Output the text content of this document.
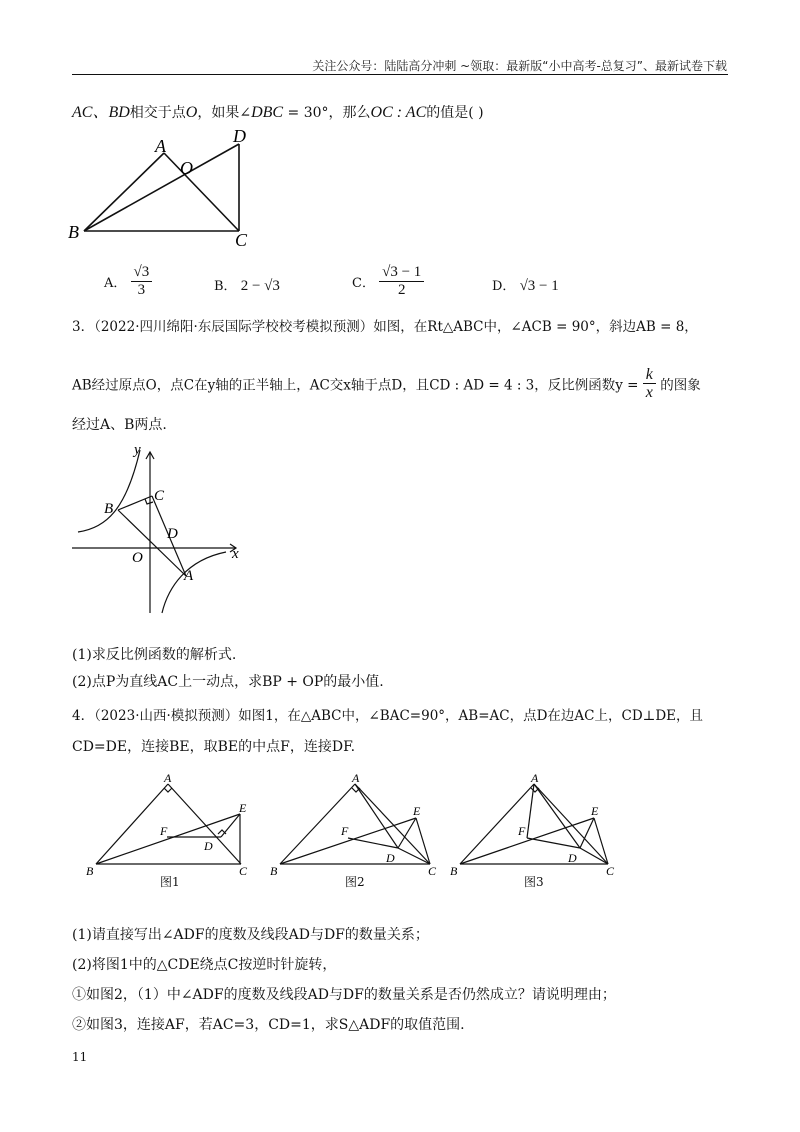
关注公众号：陆陆高分冲刺 ~领取：最新版“小中高考-总复习”、最新试卷下载
AC、BD相交于点O，如果∠DBC = 30°，那么OC : AC的值是( )
A
B	C
D
O
A． $\frac{√3}{3}$	B． 2 − √3	C． $\frac{√3 - 1}{2}$	D． √3 − 1
3．（2022·四川绵阳·东辰国际学校校考模拟预测）如图，在Rt△ABC中，∠ACB = 90°，斜边AB = 8，
AB经过原点O，点C在y轴的正半轴上，AC交x轴于点D，且CD : AD = 4 : 3，反比例函数$y = \frac{k}{x}$ 的图象
经过A、B两点.
y
x
B
C
D
O
A
(1)求反比例函数的解析式.
(2)点P为直线AC上一动点，求BP + OP的最小值.
4．（2023·山西·模拟预测）如图1，在△ABC中，∠BAC=90°，AB=AC，点D在边AC上，CD⊥DE，且
CD=DE，连接BE，取BE的中点F，连接DF.
A
B	C
D
E
F
图1
A
B	C
D
E
F
图2
A
B	C
D
E
F
图3
(1)请直接写出∠ADF的度数及线段AD与DF的数量关系；
(2)将图1中的△CDE绕点C按逆时针旋转，
①如图2，（1）中∠ADF的度数及线段AD与DF的数量关系是否仍然成立？请说明理由；
②如图3，连接AF，若AC=3，CD=1，求S△ADF的取值范围.
11
